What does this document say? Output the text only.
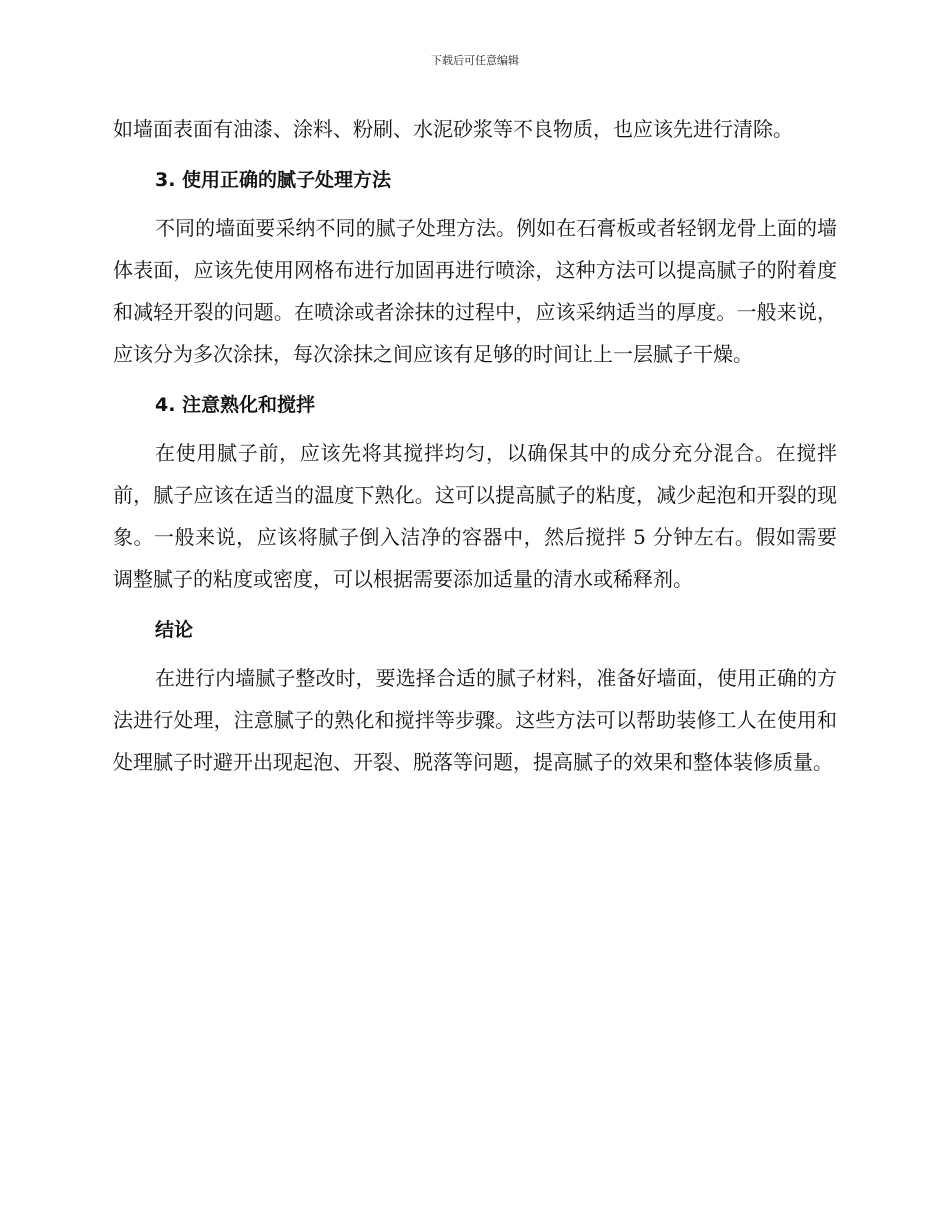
下载后可任意编辑

如墙面表面有油漆、涂料、粉刷、水泥砂浆等不良物质，也应该先进行清除。

3. 使用正确的腻子处理方法

不同的墙面要采纳不同的腻子处理方法。例如在石膏板或者轻钢龙骨上面的墙体表面，应该先使用网格布进行加固再进行喷涂，这种方法可以提高腻子的附着度和减轻开裂的问题。在喷涂或者涂抹的过程中，应该采纳适当的厚度。一般来说，应该分为多次涂抹，每次涂抹之间应该有足够的时间让上一层腻子干燥。

4. 注意熟化和搅拌

在使用腻子前，应该先将其搅拌均匀，以确保其中的成分充分混合。在搅拌前，腻子应该在适当的温度下熟化。这可以提高腻子的粘度，减少起泡和开裂的现象。一般来说，应该将腻子倒入洁净的容器中，然后搅拌 5 分钟左右。假如需要调整腻子的粘度或密度，可以根据需要添加适量的清水或稀释剂。

结论

在进行内墙腻子整改时，要选择合适的腻子材料，准备好墙面，使用正确的方法进行处理，注意腻子的熟化和搅拌等步骤。这些方法可以帮助装修工人在使用和处理腻子时避开出现起泡、开裂、脱落等问题，提高腻子的效果和整体装修质量。
